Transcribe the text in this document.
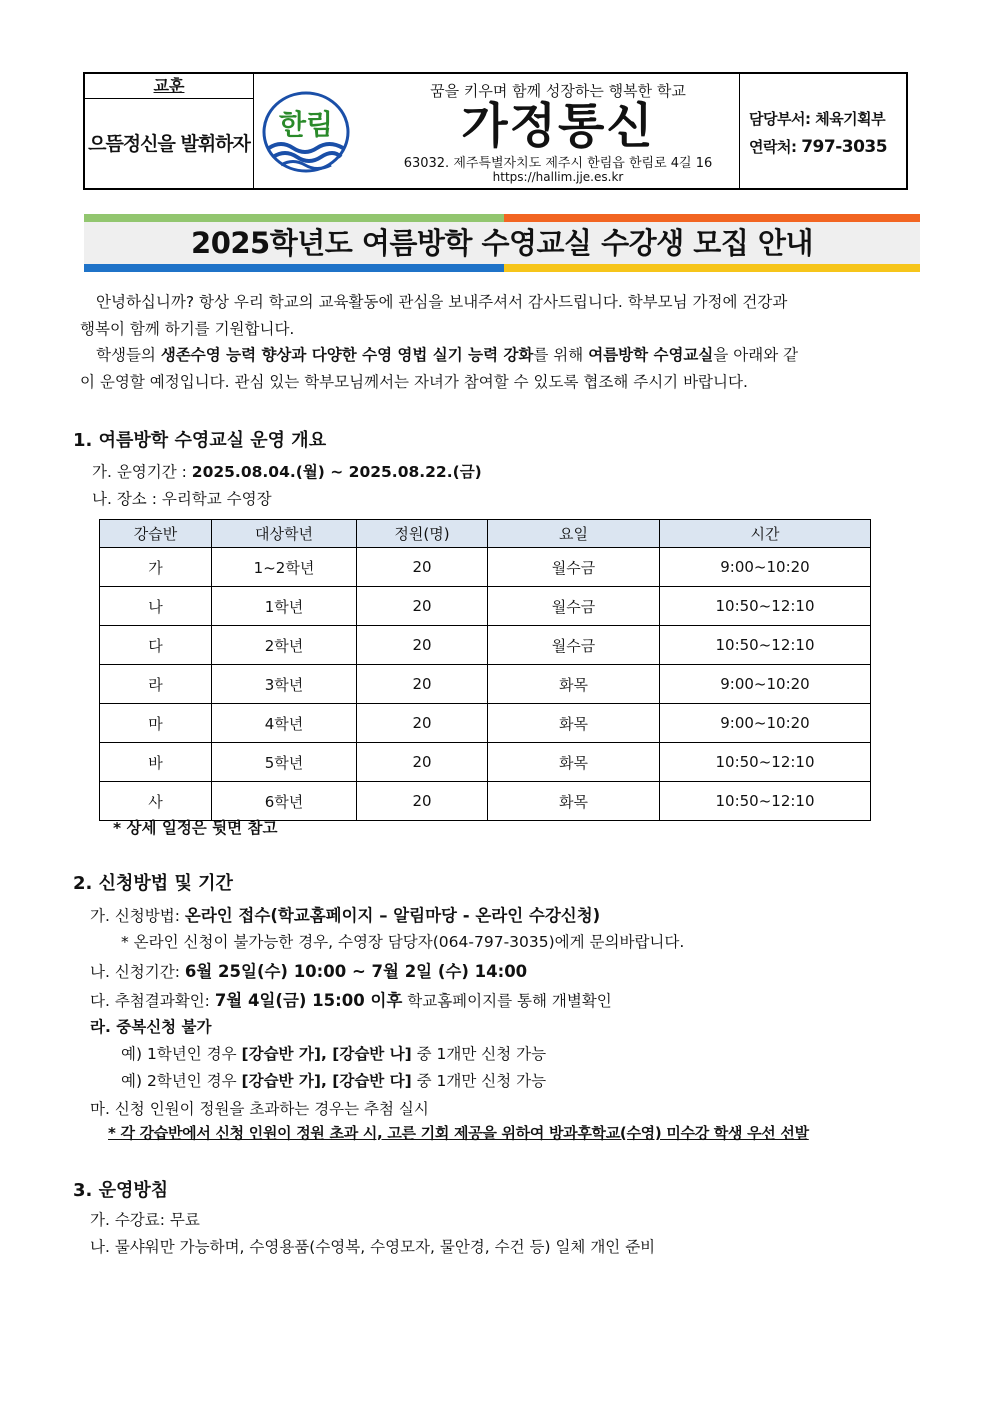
교훈
으뜸정신을 발휘하자
한림
꿈을 키우며 함께 성장하는 행복한 학교
가정통신
63032. 제주특별자치도 제주시 한림읍 한림로 4길 16
https://hallim.jje.es.kr
담당부서: 체육기획부
연락처: 797-3035
2025학년도 여름방학 수영교실 수강생 모집 안내
안녕하십니까? 항상 우리 학교의 교육활동에 관심을 보내주셔서 감사드립니다. 학부모님 가정에 건강과
행복이 함께 하기를 기원합니다.
학생들의 생존수영 능력 향상과 다양한 수영 영법 실기 능력 강화를 위해 여름방학 수영교실을 아래와 같
이 운영할 예정입니다. 관심 있는 학부모님께서는 자녀가 참여할 수 있도록 협조해 주시기 바랍니다.
1. 여름방학 수영교실 운영 개요
가. 운영기간 : 2025.08.04.(월) ~ 2025.08.22.(금)
나. 장소 : 우리학교 수영장
강습반	대상학년	정원(명)	요일	시간
가	1~2학년	20	월수금	9:00~10:20
나	1학년	20	월수금	10:50~12:10
다	2학년	20	월수금	10:50~12:10
라	3학년	20	화목	9:00~10:20
마	4학년	20	화목	9:00~10:20
바	5학년	20	화목	10:50~12:10
사	6학년	20	화목	10:50~12:10
* 상세 일정은 뒷면 참고
2. 신청방법 및 기간
가. 신청방법: 온라인 접수(학교홈페이지 – 알림마당 - 온라인 수강신청)
* 온라인 신청이 불가능한 경우, 수영장 담당자(064-797-3035)에게 문의바랍니다.
나. 신청기간: 6월 25일(수) 10:00 ~ 7월 2일 (수) 14:00
다. 추첨결과확인: 7월 4일(금) 15:00 이후 학교홈페이지를 통해 개별확인
라. 중복신청 불가
예) 1학년인 경우 [강습반 가], [강습반 나] 중 1개만 신청 가능
예) 2학년인 경우 [강습반 가], [강습반 다] 중 1개만 신청 가능
마. 신청 인원이 정원을 초과하는 경우는 추첨 실시
* 각 강습반에서 신청 인원이 정원 초과 시, 고른 기회 제공을 위하여 방과후학교(수영) 미수강 학생 우선 선발
3. 운영방침
가. 수강료: 무료
나. 물샤워만 가능하며, 수영용품(수영복, 수영모자, 물안경, 수건 등) 일체 개인 준비
